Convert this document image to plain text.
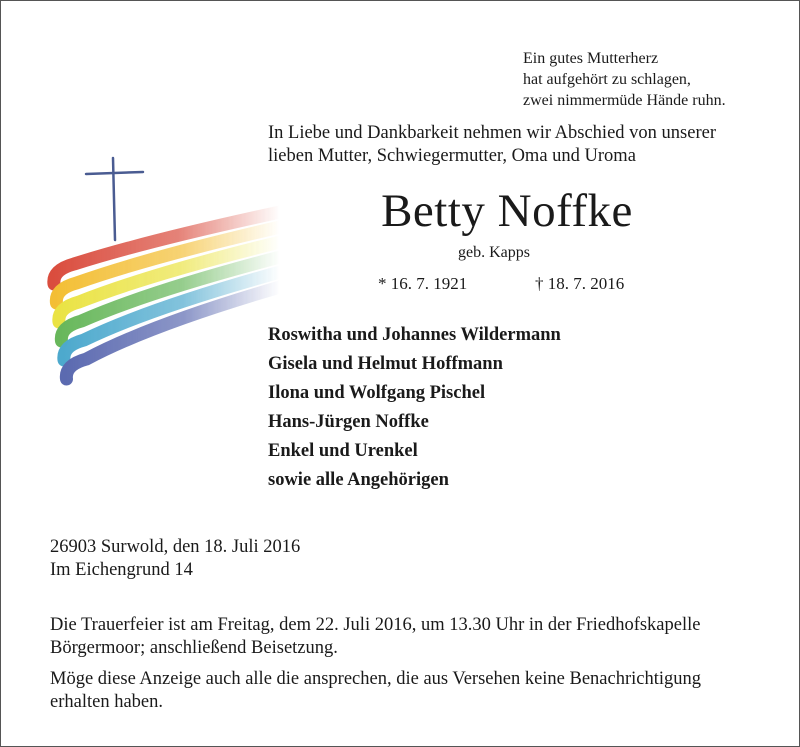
Ein gutes Mutterherz
hat aufgehört zu schlagen,
zwei nimmermüde Hände ruhn.
In Liebe und Dankbarkeit nehmen wir Abschied von unserer
lieben Mutter, Schwiegermutter, Oma und Uroma
Betty Noffke
geb. Kapps
* 16. 7. 1921	† 18. 7. 2016
Roswitha und Johannes Wildermann
Gisela und Helmut Hoffmann
Ilona und Wolfgang Pischel
Hans-Jürgen Noffke
Enkel und Urenkel
sowie alle Angehörigen
26903 Surwold, den 18. Juli 2016
Im Eichengrund 14

Die Trauerfeier ist am Freitag, dem 22. Juli 2016, um 13.30 Uhr in der Friedhofskapelle Börgermoor; anschließend Beisetzung.

Möge diese Anzeige auch alle die ansprechen, die aus Versehen keine Benachrichtigung erhalten haben.
